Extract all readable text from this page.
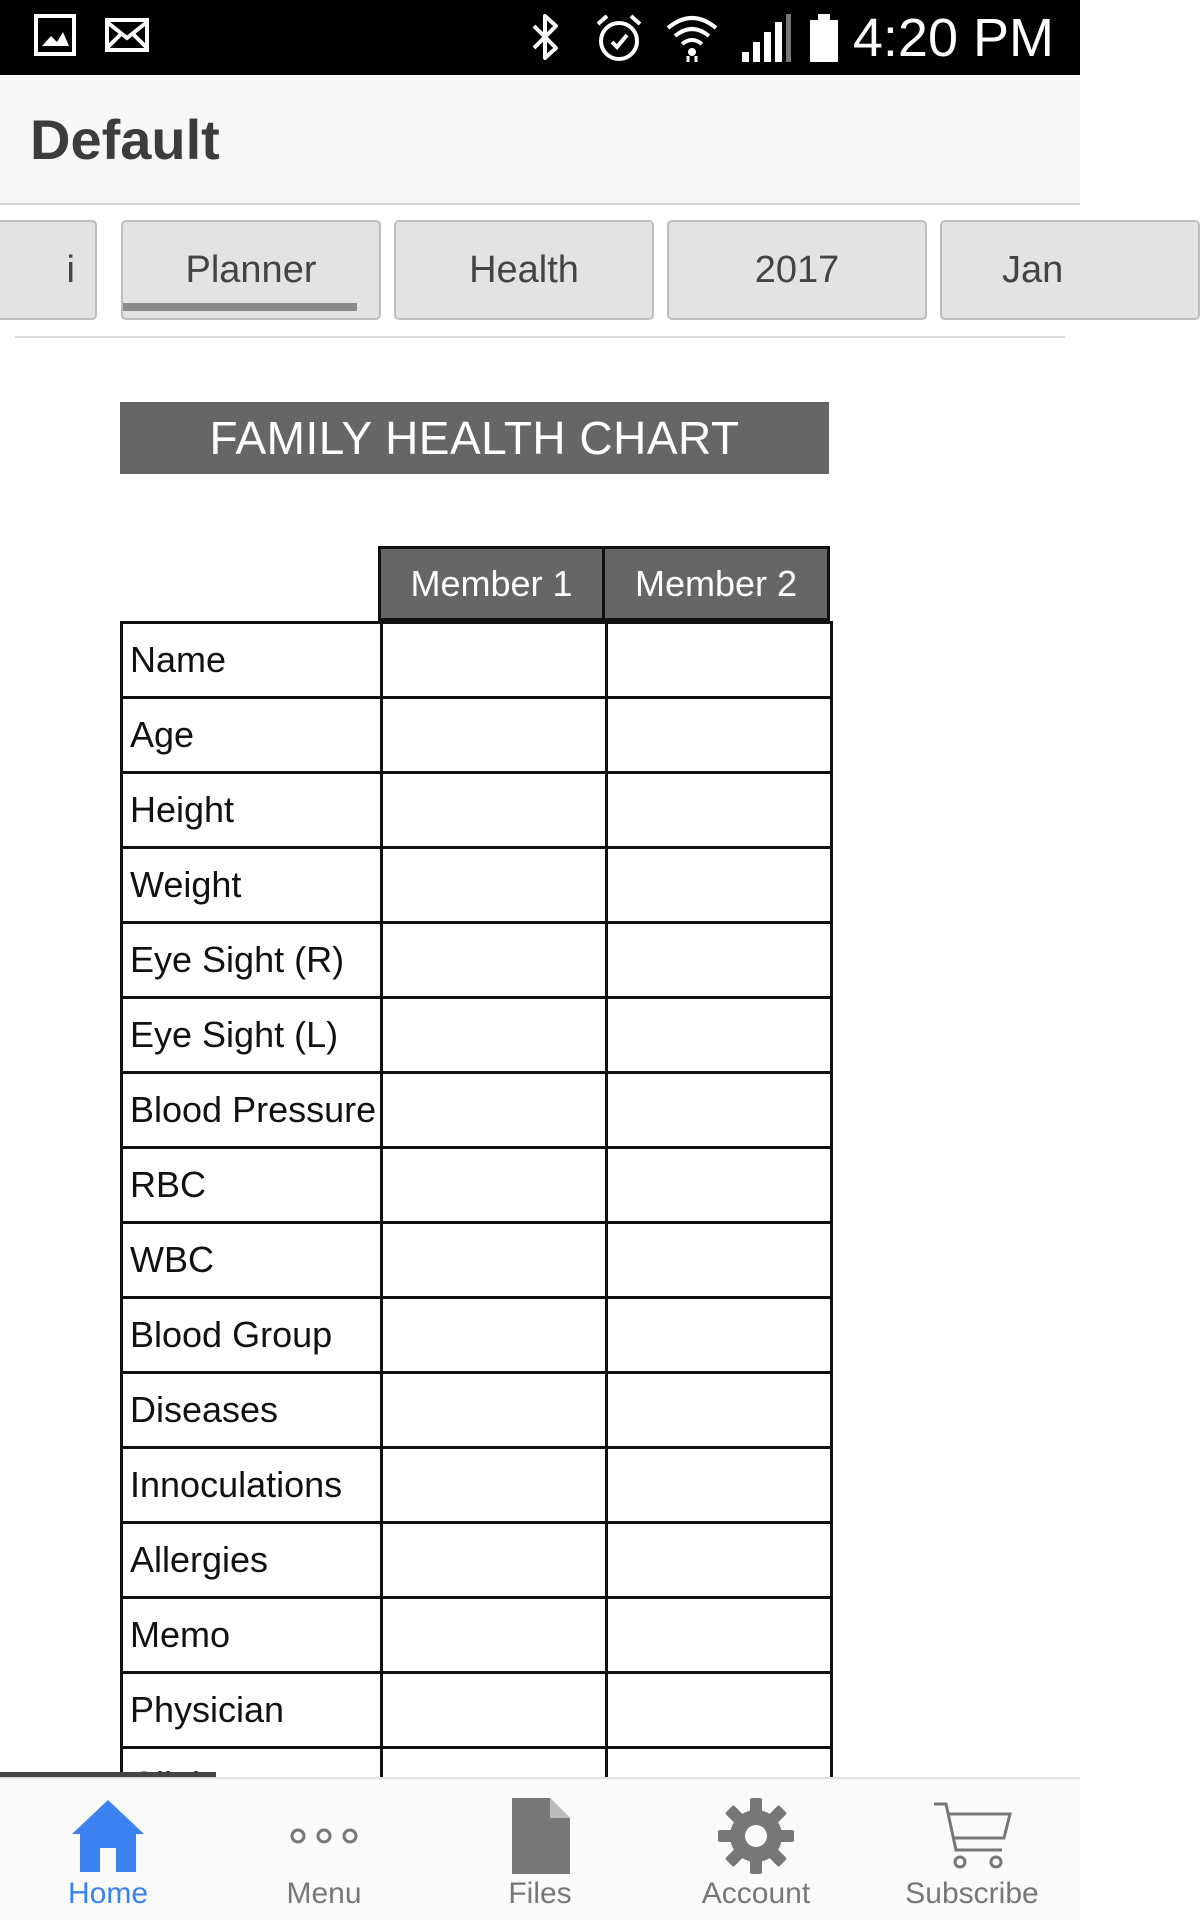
4:20 PM
Default
i	Planner	Health	2017	Jan
FAMILY HEALTH CHART
Member 1	Member 2
Name		
Age		
Height		
Weight		
Eye Sight (R)		
Eye Sight (L)		
Blood Pressure		
RBC		
WBC		
Blood Group		
Diseases		
Innoculations		
Allergies		
Memo		
Physician		

Home	Menu	Files	Account	Subscribe
